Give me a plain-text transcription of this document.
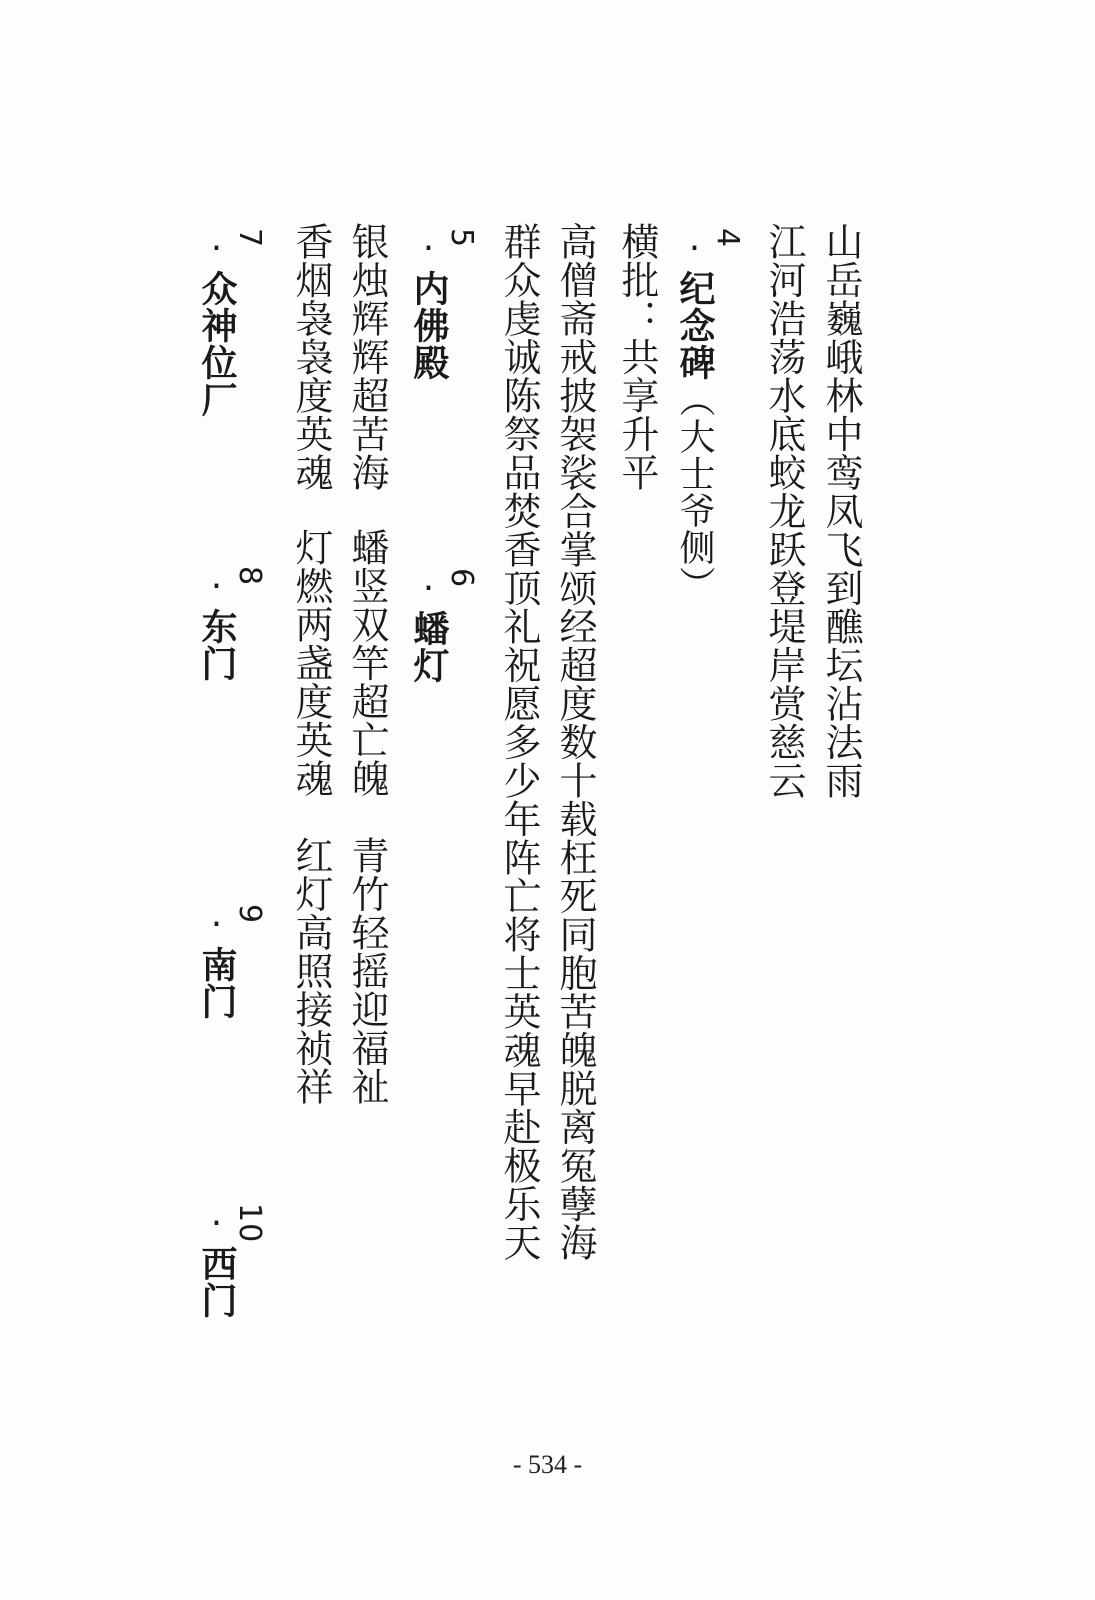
山岳巍峨林中鸾凤飞到醮坛沾法雨
江河浩荡水底蛟龙跃登堤岸赏慈云
4
·纪念碑（大士爷侧）
横批：共享升平
高僧斋戒披袈裟合掌颂经超度数十载枉死同胞苦魄脱离冤孽海
群众虔诚陈祭品焚香顶礼祝愿多少年阵亡将士英魂早赴极乐天
5
·内佛殿
银烛辉辉超苦海
香烟袅袅度英魂
6
·蟠灯
蟠竖双竿超亡魄
青竹轻摇迎福祉
灯燃两盏度英魂
红灯高照接祯祥
7
·众神位厂
8
·东门
9
·南门
10
·西门
- 534 -
